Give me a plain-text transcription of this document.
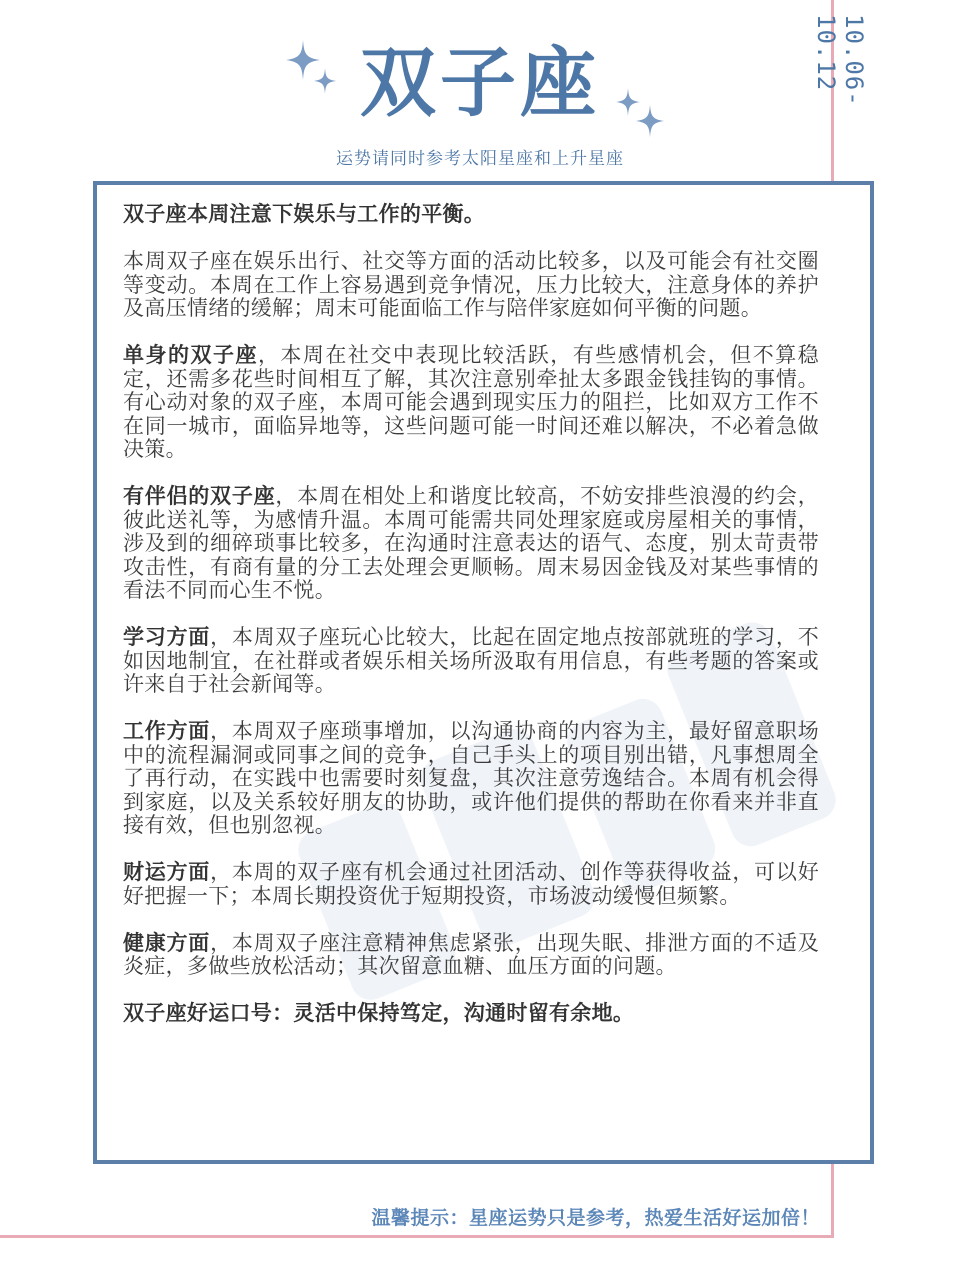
10.06-10.12
双子座
运势请同时参考太阳星座和上升星座

双子座本周注意下娱乐与工作的平衡。

本周双子座在娱乐出行、社交等方面的活动比较多，以及可能会有社交圈等变动。本周在工作上容易遇到竞争情况，压力比较大，注意身体的养护及高压情绪的缓解；周末可能面临工作与陪伴家庭如何平衡的问题。

单身的双子座，本周在社交中表现比较活跃，有些感情机会，但不算稳定，还需多花些时间相互了解，其次注意别牵扯太多跟金钱挂钩的事情。有心动对象的双子座，本周可能会遇到现实压力的阻拦，比如双方工作不在同一城市，面临异地等，这些问题可能一时间还难以解决，不必着急做决策。

有伴侣的双子座，本周在相处上和谐度比较高，不妨安排些浪漫的约会，彼此送礼等，为感情升温。本周可能需共同处理家庭或房屋相关的事情，涉及到的细碎琐事比较多，在沟通时注意表达的语气、态度，别太苛责带攻击性，有商有量的分工去处理会更顺畅。周末易因金钱及对某些事情的看法不同而心生不悦。

学习方面，本周双子座玩心比较大，比起在固定地点按部就班的学习，不如因地制宜，在社群或者娱乐相关场所汲取有用信息，有些考题的答案或许来自于社会新闻等。

工作方面，本周双子座琐事增加，以沟通协商的内容为主，最好留意职场中的流程漏洞或同事之间的竞争，自己手头上的项目别出错，凡事想周全了再行动，在实践中也需要时刻复盘，其次注意劳逸结合。本周有机会得到家庭，以及关系较好朋友的协助，或许他们提供的帮助在你看来并非直接有效，但也别忽视。

财运方面，本周的双子座有机会通过社团活动、创作等获得收益，可以好好把握一下；本周长期投资优于短期投资，市场波动缓慢但频繁。

健康方面，本周双子座注意精神焦虑紧张，出现失眠、排泄方面的不适及炎症，多做些放松活动；其次留意血糖、血压方面的问题。

双子座好运口号：灵活中保持笃定，沟通时留有余地。

温馨提示：星座运势只是参考，热爱生活好运加倍！
